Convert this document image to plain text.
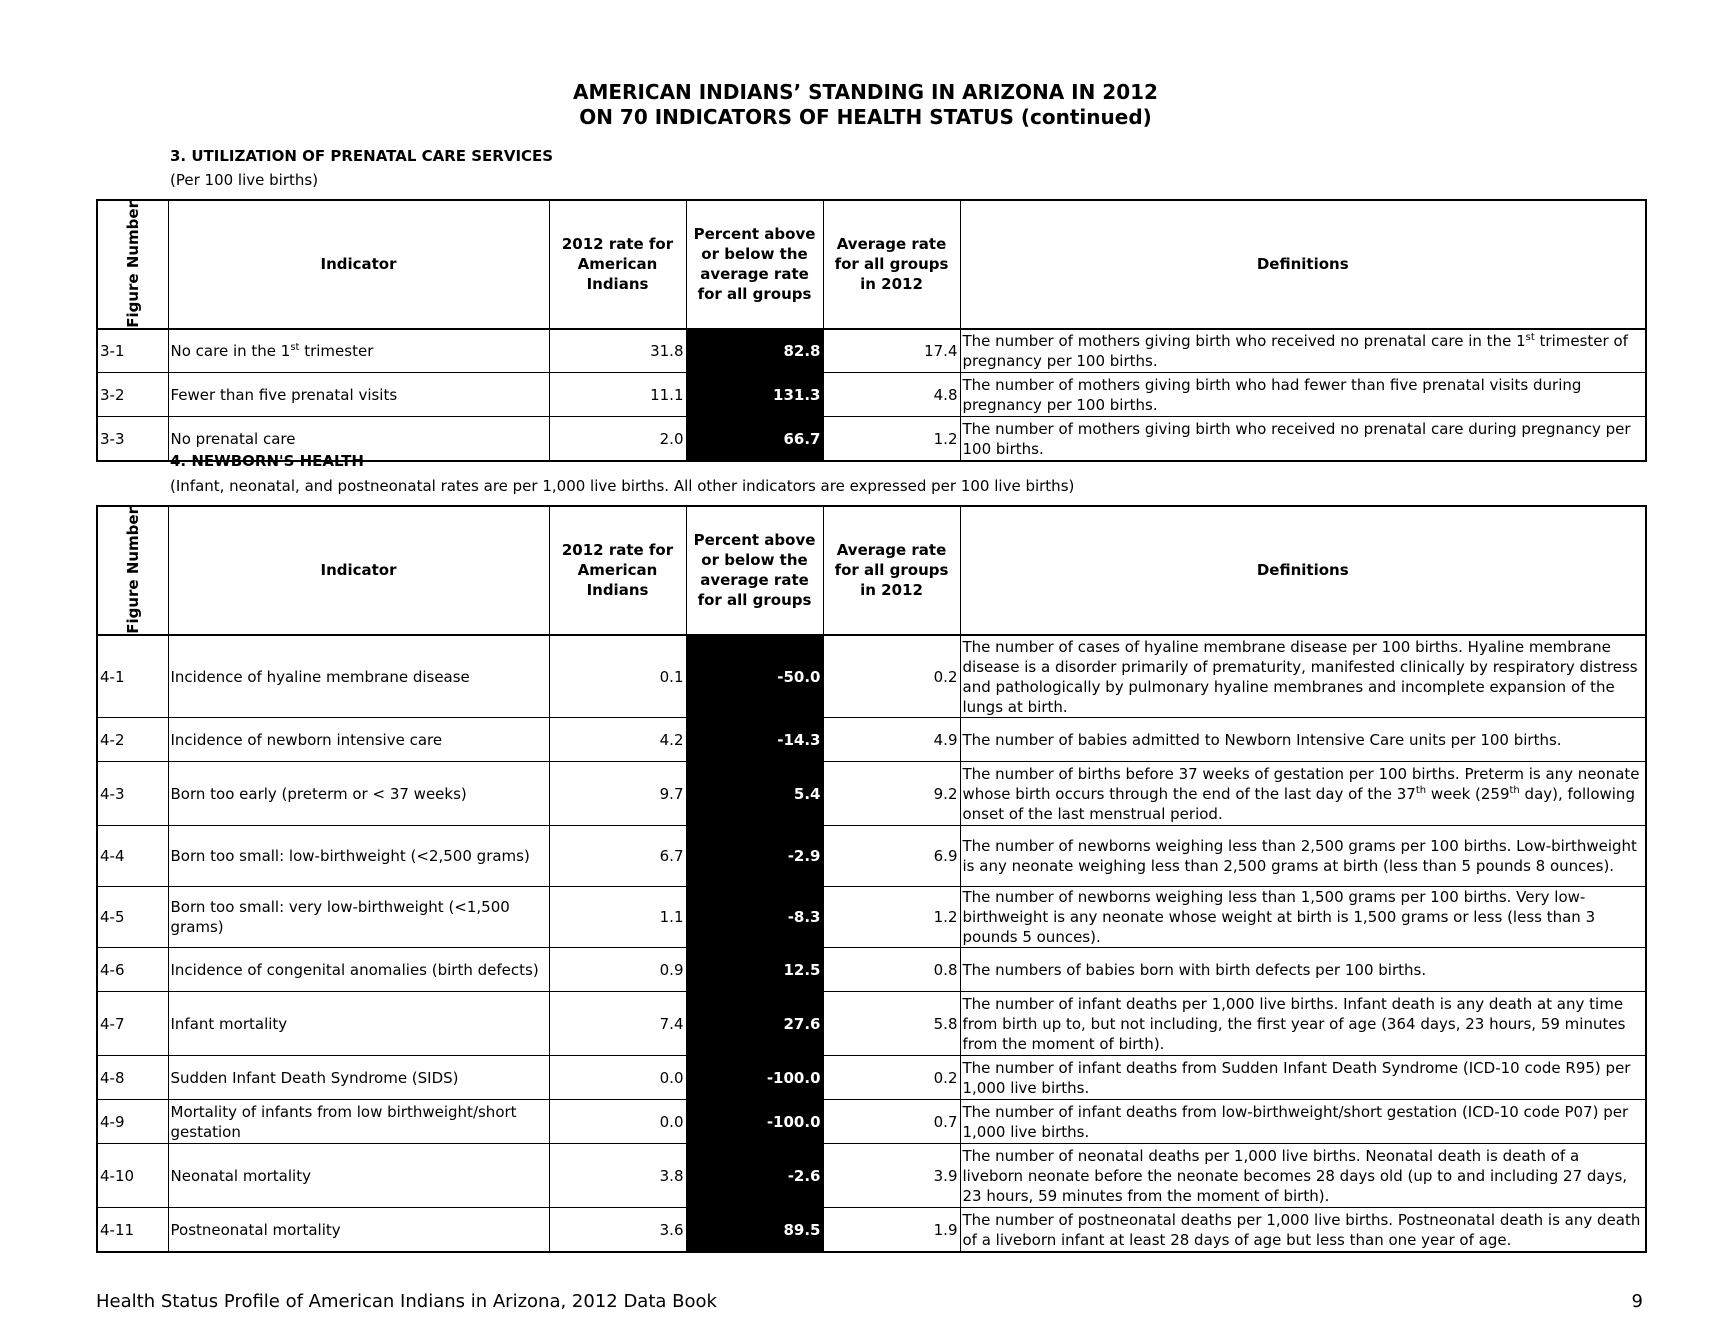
AMERICAN INDIANS’ STANDING IN ARIZONA IN 2012
ON 70 INDICATORS OF HEALTH STATUS (continued)
3. UTILIZATION OF PRENATAL CARE SERVICES
(Per 100 live births)
Figure Number	Indicator	2012 rate for American Indians	Percent above or below the average rate for all groups	Average rate for all groups in 2012	Definitions
3-1	No care in the 1st trimester	31.8	82.8	17.4	The number of mothers giving birth who received no prenatal care in the 1st trimester of pregnancy per 100 births.
3-2	Fewer than five prenatal visits	11.1	131.3	4.8	The number of mothers giving birth who had fewer than five prenatal visits during pregnancy per 100 births.
3-3	No prenatal care	2.0	66.7	1.2	The number of mothers giving birth who received no prenatal care during pregnancy per 100 births.
4. NEWBORN'S HEALTH
(Infant, neonatal, and postneonatal rates are per 1,000 live births. All other indicators are expressed per 100 live births)
Figure Number	Indicator	2012 rate for American Indians	Percent above or below the average rate for all groups	Average rate for all groups in 2012	Definitions
4-1	Incidence of hyaline membrane disease	0.1	-50.0	0.2	The number of cases of hyaline membrane disease per 100 births. Hyaline membrane disease is a disorder primarily of prematurity, manifested clinically by respiratory distress and pathologically by pulmonary hyaline membranes and incomplete expansion of the lungs at birth.
4-2	Incidence of newborn intensive care	4.2	-14.3	4.9	The number of babies admitted to Newborn Intensive Care units per 100 births.
4-3	Born too early (preterm or < 37 weeks)	9.7	5.4	9.2	The number of births before 37 weeks of gestation per 100 births. Preterm is any neonate whose birth occurs through the end of the last day of the 37th week (259th day), following onset of the last menstrual period.
4-4	Born too small: low-birthweight (<2,500 grams)	6.7	-2.9	6.9	The number of newborns weighing less than 2,500 grams per 100 births. Low-birthweight is any neonate weighing less than 2,500 grams at birth (less than 5 pounds 8 ounces).
4-5	Born too small: very low-birthweight (<1,500 grams)	1.1	-8.3	1.2	The number of newborns weighing less than 1,500 grams per 100 births. Very low-birthweight is any neonate whose weight at birth is 1,500 grams or less (less than 3 pounds 5 ounces).
4-6	Incidence of congenital anomalies (birth defects)	0.9	12.5	0.8	The numbers of babies born with birth defects per 100 births.
4-7	Infant mortality	7.4	27.6	5.8	The number of infant deaths per 1,000 live births. Infant death is any death at any time from birth up to, but not including, the first year of age (364 days, 23 hours, 59 minutes from the moment of birth).
4-8	Sudden Infant Death Syndrome (SIDS)	0.0	-100.0	0.2	The number of infant deaths from Sudden Infant Death Syndrome (ICD-10 code R95) per 1,000 live births.
4-9	Mortality of infants from low birthweight/short gestation	0.0	-100.0	0.7	The number of infant deaths from low-birthweight/short gestation (ICD-10 code P07) per 1,000 live births.
4-10	Neonatal mortality	3.8	-2.6	3.9	The number of neonatal deaths per 1,000 live births. Neonatal death is death of a liveborn neonate before the neonate becomes 28 days old (up to and including 27 days, 23 hours, 59 minutes from the moment of birth).
4-11	Postneonatal mortality	3.6	89.5	1.9	The number of postneonatal deaths per 1,000 live births. Postneonatal death is any death of a liveborn infant at least 28 days of age but less than one year of age.
Health Status Profile of American Indians in Arizona, 2012 Data Book	9
